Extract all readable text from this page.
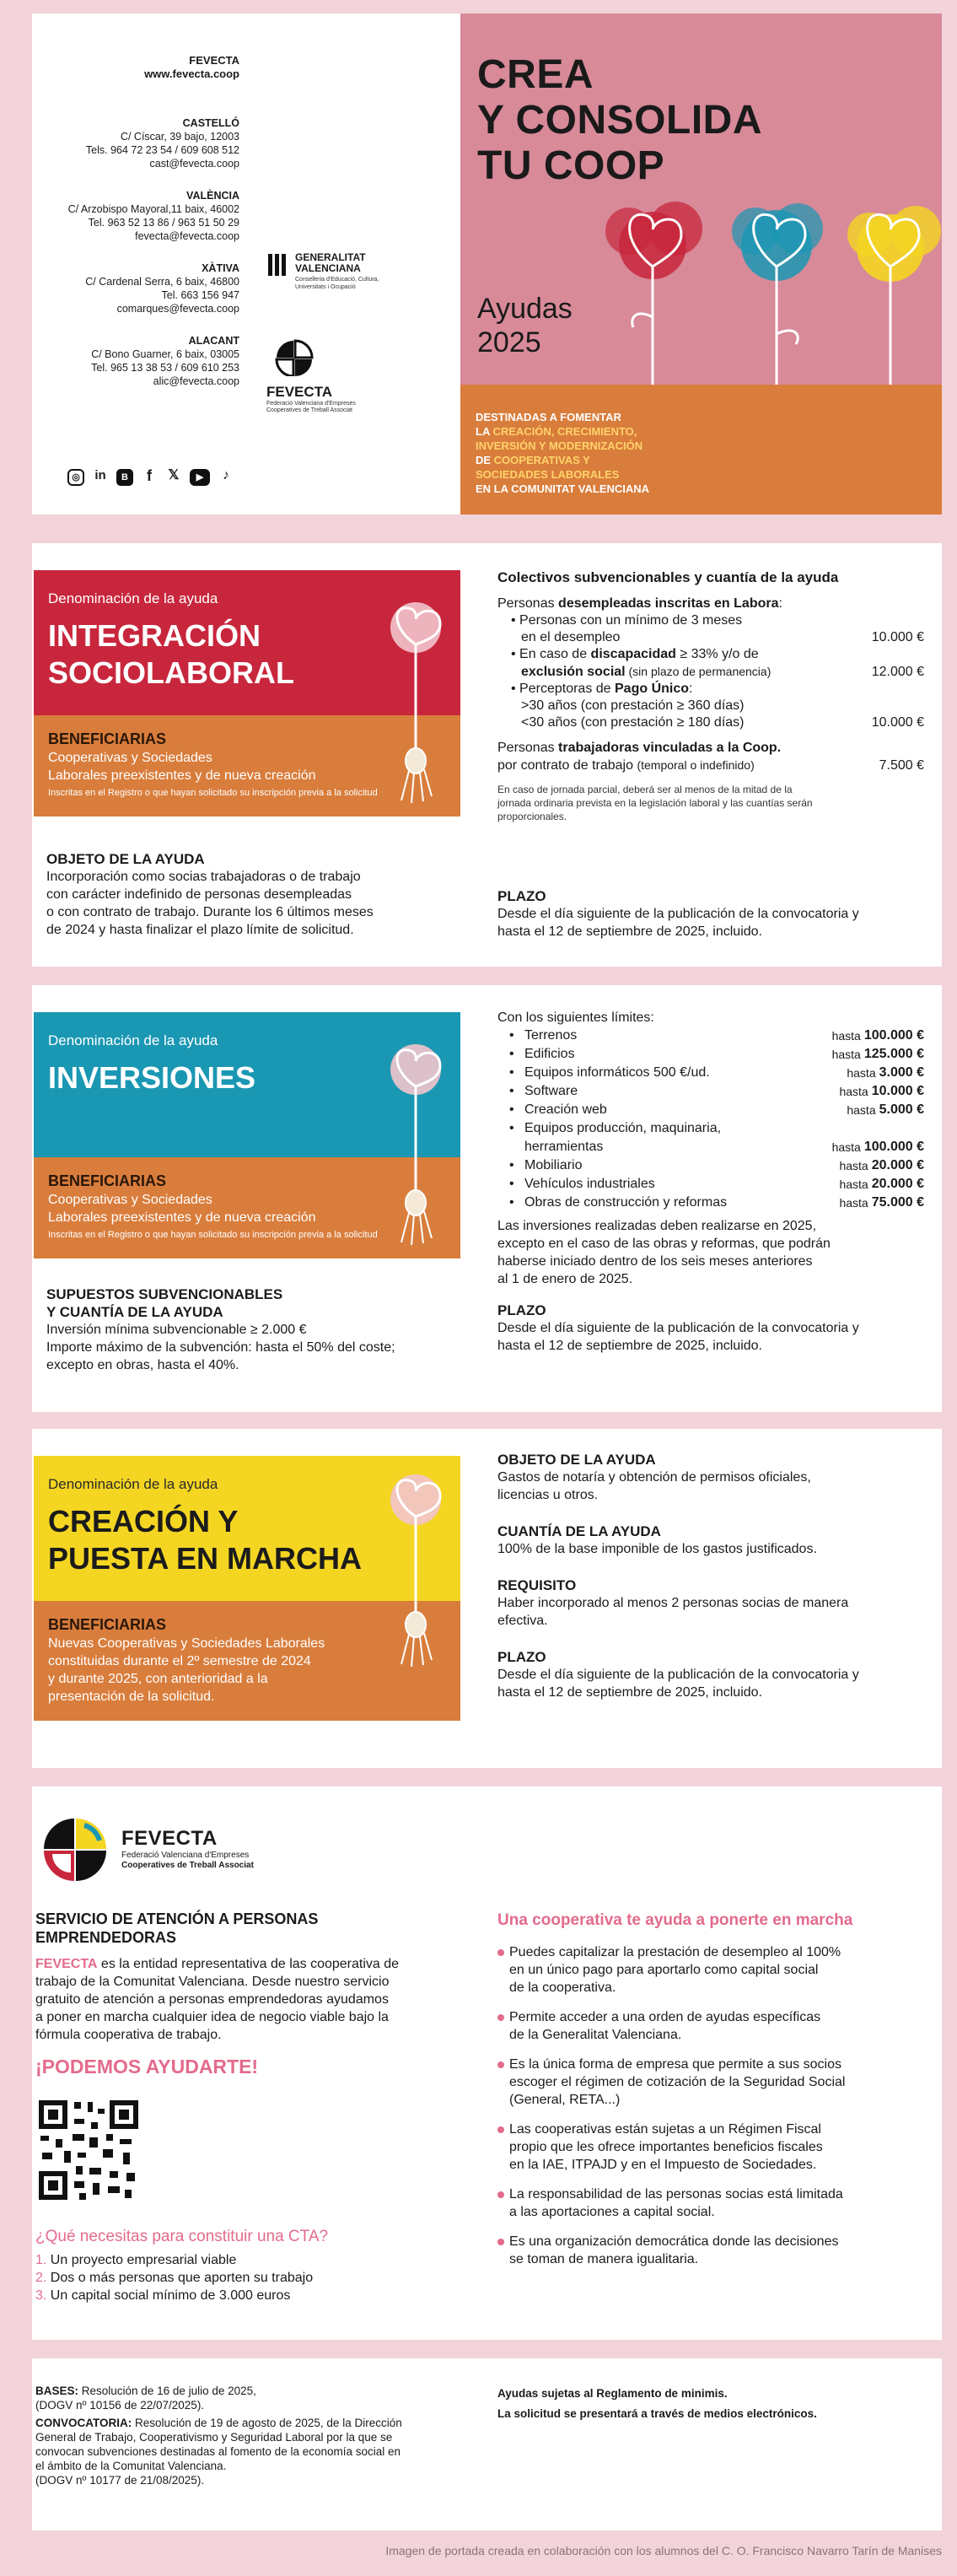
FEVECTA
www.fevecta.coop
CASTELLÓ
C/ Císcar, 39 bajo, 12003
Tels. 964 72 23 54 / 609 608 512
cast@fevecta.coop
VALÈNCIA
C/ Arzobispo Mayoral,11 baix, 46002
Tel. 963 52 13 86 / 963 51 50 29
fevecta@fevecta.coop
XÀTIVA
C/ Cardenal Serra, 6 baix, 46800
Tel. 663 156 947
comarques@fevecta.coop
ALACANT
C/ Bono Guarner, 6 baix, 03005
Tel. 965 13 38 53 / 609 610 253
alic@fevecta.coop
◎	in	B	f	𝕏	▶	♪
GENERALITAT VALENCIANA
Conselleria d'Educació, Cultura, Universitats i Ocupació
FEVECTA
Federació Valenciana d'Empreses Cooperatives de Treball Associat
CREA
Y CONSOLIDA
TU COOP
Ayudas
2025
DESTINADAS A FOMENTAR
LA CREACIÓN, CRECIMIENTO,
INVERSIÓN Y MODERNIZACIÓN
DE COOPERATIVAS Y
SOCIEDADES LABORALES
EN LA COMUNITAT VALENCIANA
Denominación de la ayuda
INTEGRACIÓN
SOCIOLABORAL
BENEFICIARIAS
Cooperativas y Sociedades
Laborales preexistentes y de nueva creación
Inscritas en el Registro o que hayan solicitado su inscripción previa a la solicitud
OBJETO DE LA AYUDA
Incorporación como socias trabajadoras o de trabajo
con carácter indefinido de personas desempleadas
o con contrato de trabajo. Durante los 6 últimos meses
de 2024 y hasta finalizar el plazo límite de solicitud.
Colectivos subvencionables y cuantía de la ayuda
Personas desempleadas inscritas en Labora:
• Personas con un mínimo de 3 meses
en el desempleo	10.000 €
• En caso de discapacidad ≥ 33% y/o de
exclusión social (sin plazo de permanencia)	12.000 €
• Perceptoras de Pago Único:
>30 años (con prestación ≥ 360 días)
<30 años (con prestación ≥ 180 días)	10.000 €
Personas trabajadoras vinculadas a la Coop.
por contrato de trabajo (temporal o indefinido)	7.500 €
En caso de jornada parcial, deberá ser al menos de la mitad de la
jornada ordinaria prevista en la legislación laboral y las cuantías serán
proporcionales.
PLAZO
Desde el día siguiente de la publicación de la convocatoria y
hasta el 12 de septiembre de 2025, incluido.
Denominación de la ayuda
INVERSIONES
BENEFICIARIAS
Cooperativas y Sociedades
Laborales preexistentes y de nueva creación
Inscritas en el Registro o que hayan solicitado su inscripción previa a la solicitud
SUPUESTOS SUBVENCIONABLES
Y CUANTÍA DE LA AYUDA
Inversión mínima subvencionable ≥ 2.000 €
Importe máximo de la subvención: hasta el 50% del coste;
excepto en obras, hasta el 40%.
Con los siguientes límites:
• Terrenos	hasta 100.000 €
• Edificios	hasta 125.000 €
• Equipos informáticos 500 €/ud.	hasta 3.000 €
• Software	hasta 10.000 €
• Creación web	hasta 5.000 €
• Equipos producción, maquinaria,
herramientas	hasta 100.000 €
• Mobiliario	hasta 20.000 €
• Vehículos industriales	hasta 20.000 €
• Obras de construcción y reformas	hasta 75.000 €
Las inversiones realizadas deben realizarse en 2025,
excepto en el caso de las obras y reformas, que podrán
haberse iniciado dentro de los seis meses anteriores
al 1 de enero de 2025.
PLAZO
Desde el día siguiente de la publicación de la convocatoria y
hasta el 12 de septiembre de 2025, incluido.
Denominación de la ayuda
CREACIÓN Y
PUESTA EN MARCHA
BENEFICIARIAS
Nuevas Cooperativas y Sociedades Laborales
constituidas durante el 2º semestre de 2024
y durante 2025, con anterioridad a la
presentación de la solicitud.
OBJETO DE LA AYUDA
Gastos de notaría y obtención de permisos oficiales,
licencias u otros.
CUANTÍA DE LA AYUDA
100% de la base imponible de los gastos justificados.
REQUISITO
Haber incorporado al menos 2 personas socias de manera
efectiva.
PLAZO
Desde el día siguiente de la publicación de la convocatoria y
hasta el 12 de septiembre de 2025, incluido.
FEVECTA
Federació Valenciana d'Empreses
Cooperatives de Treball Associat
SERVICIO DE ATENCIÓN A PERSONAS
EMPRENDEDORAS
FEVECTA es la entidad representativa de las cooperativa de
trabajo de la Comunitat Valenciana. Desde nuestro servicio
gratuito de atención a personas emprendedoras ayudamos
a poner en marcha cualquier idea de negocio viable bajo la
fórmula cooperativa de trabajo.
¡PODEMOS AYUDARTE!
¿Qué necesitas para constituir una CTA?
1. Un proyecto empresarial viable
2. Dos o más personas que aporten su trabajo
3. Un capital social mínimo de 3.000 euros
Una cooperativa te ayuda a ponerte en marcha
Puedes capitalizar la prestación de desempleo al 100%
en un único pago para aportarlo como capital social
de la cooperativa.
Permite acceder a una orden de ayudas específicas
de la Generalitat Valenciana.
Es la única forma de empresa que permite a sus socios
escoger el régimen de cotización de la Seguridad Social
(General, RETA...)
Las cooperativas están sujetas a un Régimen Fiscal
propio que les ofrece importantes beneficios fiscales
en la IAE, ITPAJD y en el Impuesto de Sociedades.
La responsabilidad de las personas socias está limitada
a las aportaciones a capital social.
Es una organización democrática donde las decisiones
se toman de manera igualitaria.
BASES: Resolución de 16 de julio de 2025,
(DOGV nº 10156 de 22/07/2025).
CONVOCATORIA: Resolución de 19 de agosto de 2025, de la Dirección
General de Trabajo, Cooperativismo y Seguridad Laboral por la que se
convocan subvenciones destinadas al fomento de la economía social en
el ámbito de la Comunitat Valenciana.
(DOGV nº 10177 de 21/08/2025).
Ayudas sujetas al Reglamento de minimis.
La solicitud se presentará a través de medios electrónicos.
Imagen de portada creada en colaboración con los alumnos del C. O. Francisco Navarro Tarín de Manises
